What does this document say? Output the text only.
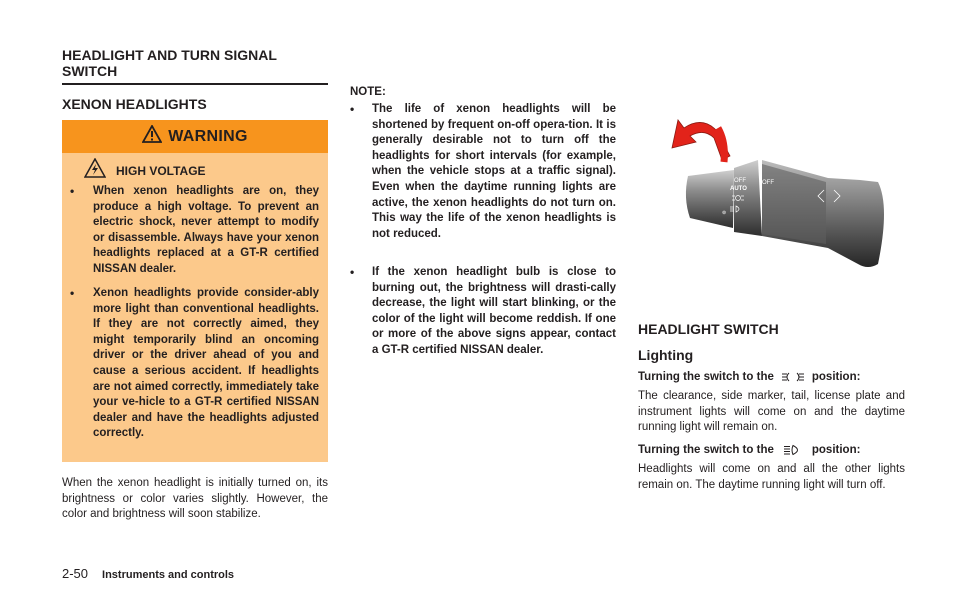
HEADLIGHT AND TURN SIGNAL SWITCH
XENON HEADLIGHTS
WARNING
HIGH VOLTAGE
• When xenon headlights are on, they produce a high voltage. To prevent an electric shock, never attempt to modify or disassemble. Always have your xenon headlights replaced at a GT-R certified NISSAN dealer.
• Xenon headlights provide consider-ably more light than conventional headlights. If they are not correctly aimed, they might temporarily blind an oncoming driver or the driver ahead of you and cause a serious accident. If headlights are not aimed correctly, immediately take your ve-hicle to a GT-R certified NISSAN dealer and have the headlights adjusted correctly.
When the xenon headlight is initially turned on, its brightness or color varies slightly. However, the color and brightness will soon stabilize.
NOTE:
• The life of xenon headlights will be shortened by frequent on-off opera-tion. It is generally desirable not to turn off the headlights for short intervals (for example, when the vehicle stops at a traffic signal). Even when the daytime running lights are active, the xenon headlights do not turn on. This way the life of the xenon headlights is not reduced.
• If the xenon headlight bulb is close to burning out, the brightness will drasti-cally decrease, the light will start blinking, or the color of the light will become reddish. If one or more of the above signs appear, contact a GT-R certified NISSAN dealer.
OFF	OFF
AUTO
⊚
HEADLIGHT SWITCH
Lighting
Turning the switch to the	position:
The clearance, side marker, tail, license plate and instrument lights will come on and the daytime running light will remain on.
Turning the switch to the	position:
Headlights will come on and all the other lights remain on. The daytime running light will turn off.
2-50 Instruments and controls
